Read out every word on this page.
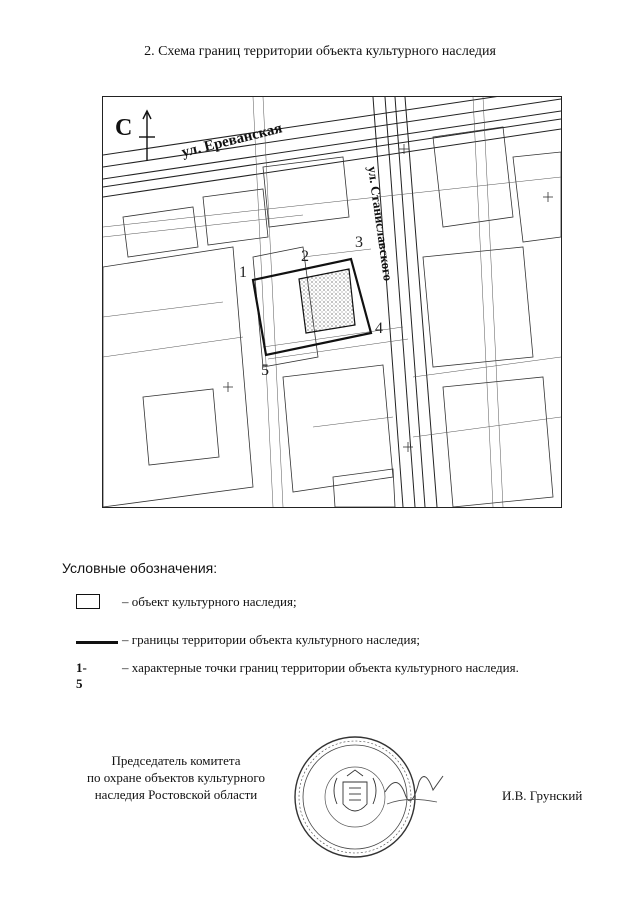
2. Схема границ территории объекта культурного наследия
С	ул. Ереванская
ул. Станиславского
1
2
3
4
5
Условные обозначения:
– объект культурного наследия;
– границы территории объекта культурного наследия;
1-5
– характерные точки границ территории объекта культурного наследия.
Председатель комитета
по охране объектов культурного
наследия Ростовской области	И.В. Грунский
